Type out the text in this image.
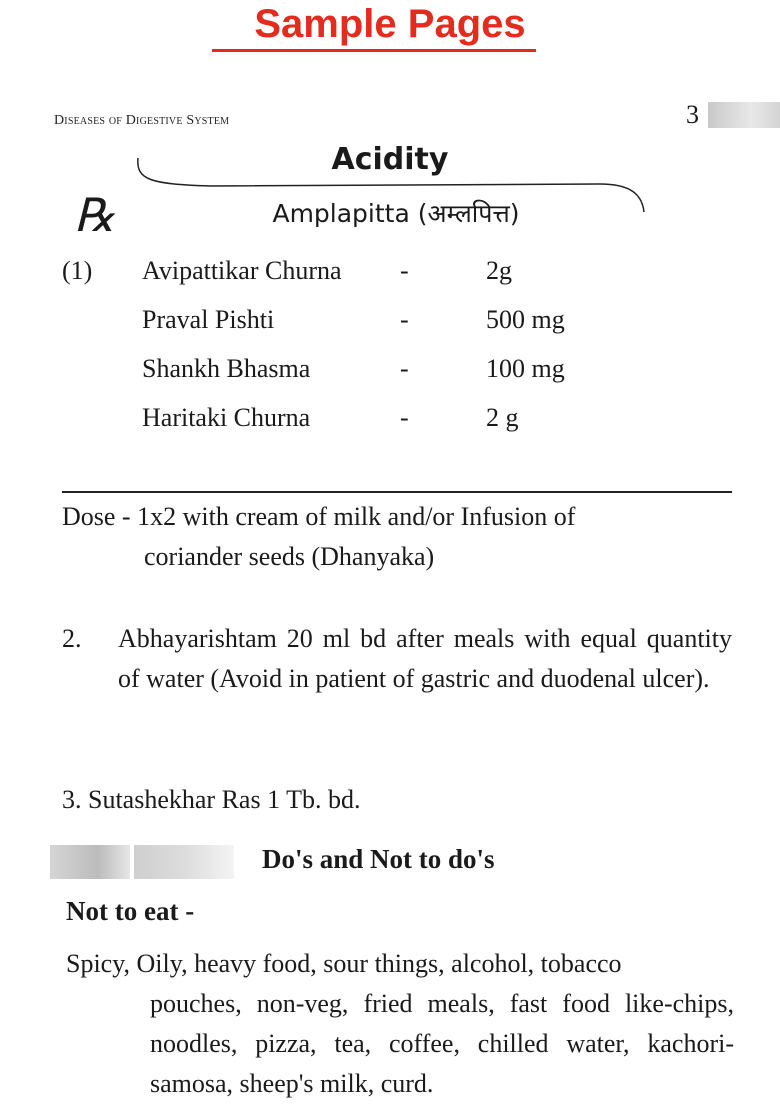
Sample Pages
Diseases of Digestive System	3
Acidity
℞	Amplapitta (अम्लपित्त)
(1) Avipattikar Churna -	2g
Praval Pishti	-	500 mg
Shankh Bhasma	-	100 mg
Haritaki Churna	-	2 g
Dose - 1x2 with cream of milk and/or Infusion of
coriander seeds (Dhanyaka)
2. Abhayarishtam 20 ml bd after meals with equal quantity of water (Avoid in patient of gastric and duodenal ulcer).
3. Sutashekhar Ras 1 Tb. bd.
Do's and Not to do's
Not to eat -
Spicy, Oily, heavy food, sour things, alcohol, tobacco
pouches, non-veg, fried meals, fast food like-chips, noodles, pizza, tea, coffee, chilled water, kachori-samosa, sheep's milk, curd.
